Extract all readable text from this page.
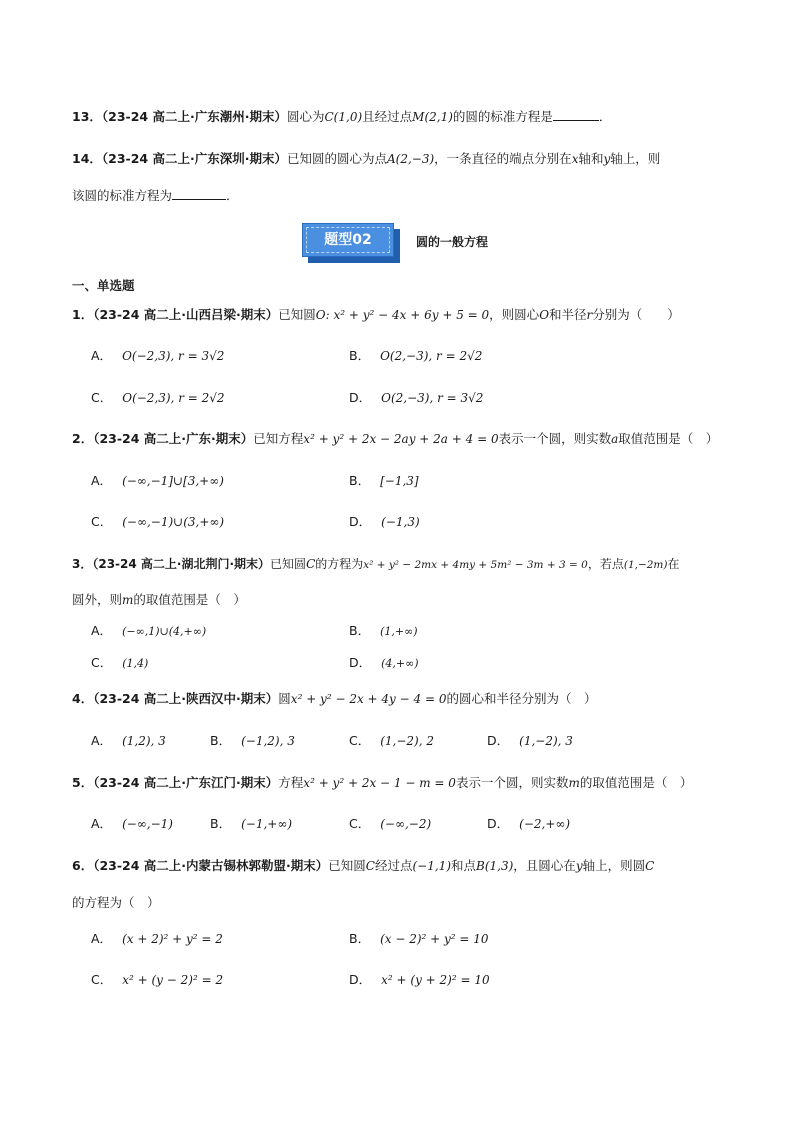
13．（23-24 高二上·广东潮州·期末）圆心为C(1,0)且经过点M(2,1)的圆的标准方程是	．
14．（23-24 高二上·广东深圳·期末）已知圆的圆心为点A(2,−3)，一条直径的端点分别在x轴和y轴上，则
该圆的标准方程为	．
题型02	圆的一般方程
一、单选题
1．（23-24 高二上·山西吕梁·期末）已知圆O: x² + y² − 4x + 6y + 5 = 0，则圆心O和半径r分别为（　　）
A． O(−2,3), r = 3√2	B． O(2,−3), r = 2√2
C． O(−2,3), r = 2√2	D． O(2,−3), r = 3√2
2．（23-24 高二上·广东·期末）已知方程x² + y² + 2x − 2ay + 2a + 4 = 0表示一个圆，则实数a取值范围是（　）
A． (−∞,−1]∪[3,+∞)	B． [−1,3]
C． (−∞,−1)∪(3,+∞)	D． (−1,3)
3．（23-24 高二上·湖北荆门·期末）已知圆C的方程为x² + y² − 2mx + 4my + 5m² − 3m + 3 = 0，若点(1,−2m)在
圆外，则m的取值范围是（　）
A． (−∞,1)∪(4,+∞)	B． (1,+∞)
C． (1,4)	D． (4,+∞)
4．（23-24 高二上·陕西汉中·期末）圆x² + y² − 2x + 4y − 4 = 0的圆心和半径分别为（　）
A． (1,2), 3	B． (−1,2), 3	C． (1,−2), 2	D． (1,−2), 3
5．（23-24 高二上·广东江门·期末）方程x² + y² + 2x − 1 − m = 0表示一个圆，则实数m的取值范围是（　）
A． (−∞,−1)	B． (−1,+∞)	C． (−∞,−2)	D． (−2,+∞)
6．（23-24 高二上·内蒙古锡林郭勒盟·期末）已知圆C经过点(−1,1)和点B(1,3)，且圆心在y轴上，则圆C
的方程为（　）
A． (x + 2)² + y² = 2	B． (x − 2)² + y² = 10
C． x² + (y − 2)² = 2	D． x² + (y + 2)² = 10
